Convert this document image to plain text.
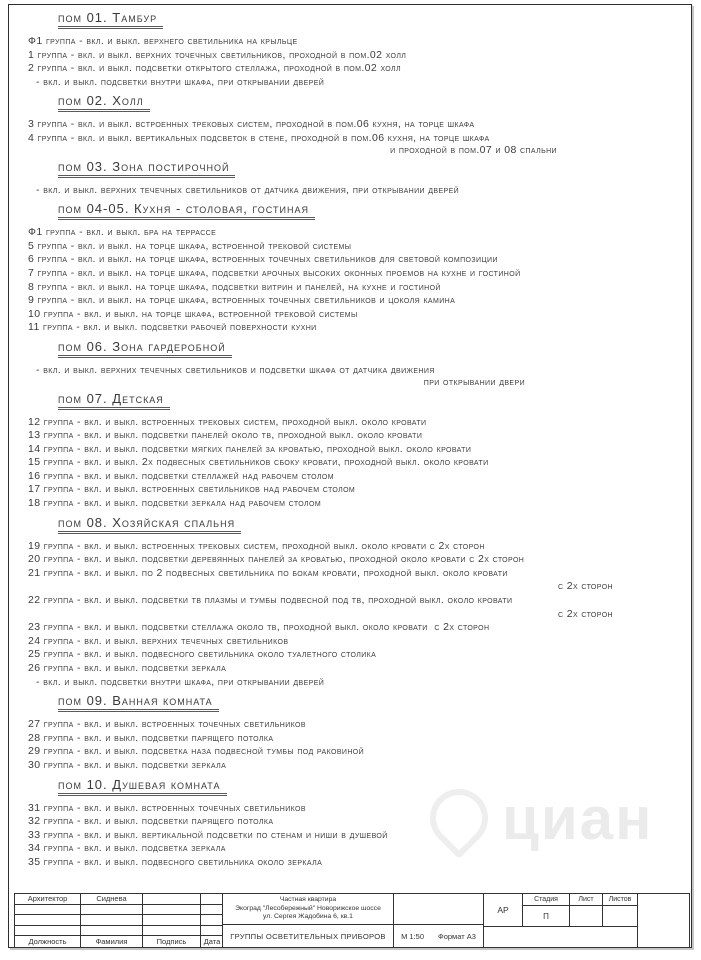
циан
пом 01. Тамбур
Ф1 группа - вкл. и выкл. верхнего светильника на крыльце
1 группа - вкл. и выкл. верхних точечных светильников, проходной в пом.02 холл
2 группа - вкл. и выкл. подсветки открытого стеллажа, проходной в пом.02 холл
- вкл. и выкл. подсветки внутри шкафа, при открывании дверей
пом 02. Холл
3 группа - вкл. и выкл. встроенных трековых систем, проходной в пом.06 кухня, на торце шкафа
4 группа - вкл. и выкл. вертикальных подсветок в стене, проходной в пом.06 кухня, на торце шкафа
и проходной в пом.07 и 08 спальни
пом 03. Зона постирочной
- вкл. и выкл. верхних течечных светильников от датчика движения, при открывании дверей
пом 04-05. Кухня - столовая, гостиная
Ф1 группа - вкл. и выкл. бра на террассе
5 группа - вкл. и выкл. на торце шкафа, встроенной трековой системы
6 группа - вкл. и выкл. на торце шкафа, встроенных точечных светильников для световой композиции
7 группа - вкл. и выкл. на торце шкафа, подсветки арочных высоких оконных проемов на кухне и гостиной
8 группа - вкл. и выкл. на торце шкафа, подсветки витрин и панелей, на кухне и гостиной
9 группа - вкл. и выкл. на торце шкафа, встроенных точечных светильников и цоколя камина
10 группа - вкл. и выкл. на торце шкафа, встроенной трековой системы
11 группа - вкл. и выкл. подсветки рабочей поверхности кухни
пом 06. Зона гардеробной
- вкл. и выкл. верхних течечных светильников и подсветки шкафа от датчика движения
при открывании двери
пом 07. Детская
12 группа - вкл. и выкл. встроенных трековых систем, проходной выкл. около кровати
13 группа - вкл. и выкл. подсветки панелей около тв, проходной выкл. около кровати
14 группа - вкл. и выкл. подсветки мягких панелей за кроватью, проходной выкл. около кровати
15 группа - вкл. и выкл. 2х подвесных светильников сбоку кровати, проходной выкл. около кровати
16 группа - вкл. и выкл. подсветки стеллажей над рабочем столом
17 группа - вкл. и выкл. встроенных светильников над рабочем столом
18 группа - вкл. и выкл. подсветки зеркала над рабочем столом
пом 08. Хозяйская спальня
19 группа - вкл. и выкл. встроенных трековых систем, проходной выкл. около кровати с 2х сторон
20 группа - вкл. и выкл. подсветки деревянных панелей за кроватью, проходной около кровати с 2х сторон
21 группа - вкл. и выкл. по 2 подвесных светильника по бокам кровати, проходной выкл. около кровати
с 2х сторон
22 группа - вкл. и выкл. подсветки тв плазмы и тумбы подвесной под тв, проходной выкл. около кровати
с 2х сторон
23 группа - вкл. и выкл. подсветки стеллажа около тв, проходной выкл. около кровати  с 2х сторон
24 группа - вкл. и выкл. верхних течечных светильников
25 группа - вкл. и выкл. подвесного светильника около туалетного столика
26 группа - вкл. и выкл. подсветки зеркала
- вкл. и выкл. подсветки внутри шкафа, при открывании дверей
пом 09. Ванная комната
27 группа - вкл. и выкл. встроенных точечных светильников
28 группа - вкл. и выкл. подсветки парящего потолка
29 группа - вкл. и выкл. подсветка наза подвесной тумбы под раковиной
30 группа - вкл. и выкл. подсветки зеркала
пом 10. Душевая комната
31 группа - вкл. и выкл. встроенных точечных светильников
32 группа - вкл. и выкл. подсветки парящего потолка
33 группа - вкл. и выкл. вертикальной подсветки по стенам и ниши в душевой
34 группа - вкл. и выкл. подсветка зеркала
35 группа - вкл. и выкл. подвесного светильника около зеркала
Архитектор	Сиднева
Должность	Фамилия	Подпись	Дата
Частная квартира
Экоград "Лесобережный" Новорижское шоссе
ул. Сергея Жадобина 6, кв.1
ГРУППЫ ОСВЕТИТЕЛЬНЫХ ПРИБОРОВ	М 1:50 Формат А3
АР
Стадия	Лист	Листов
П
